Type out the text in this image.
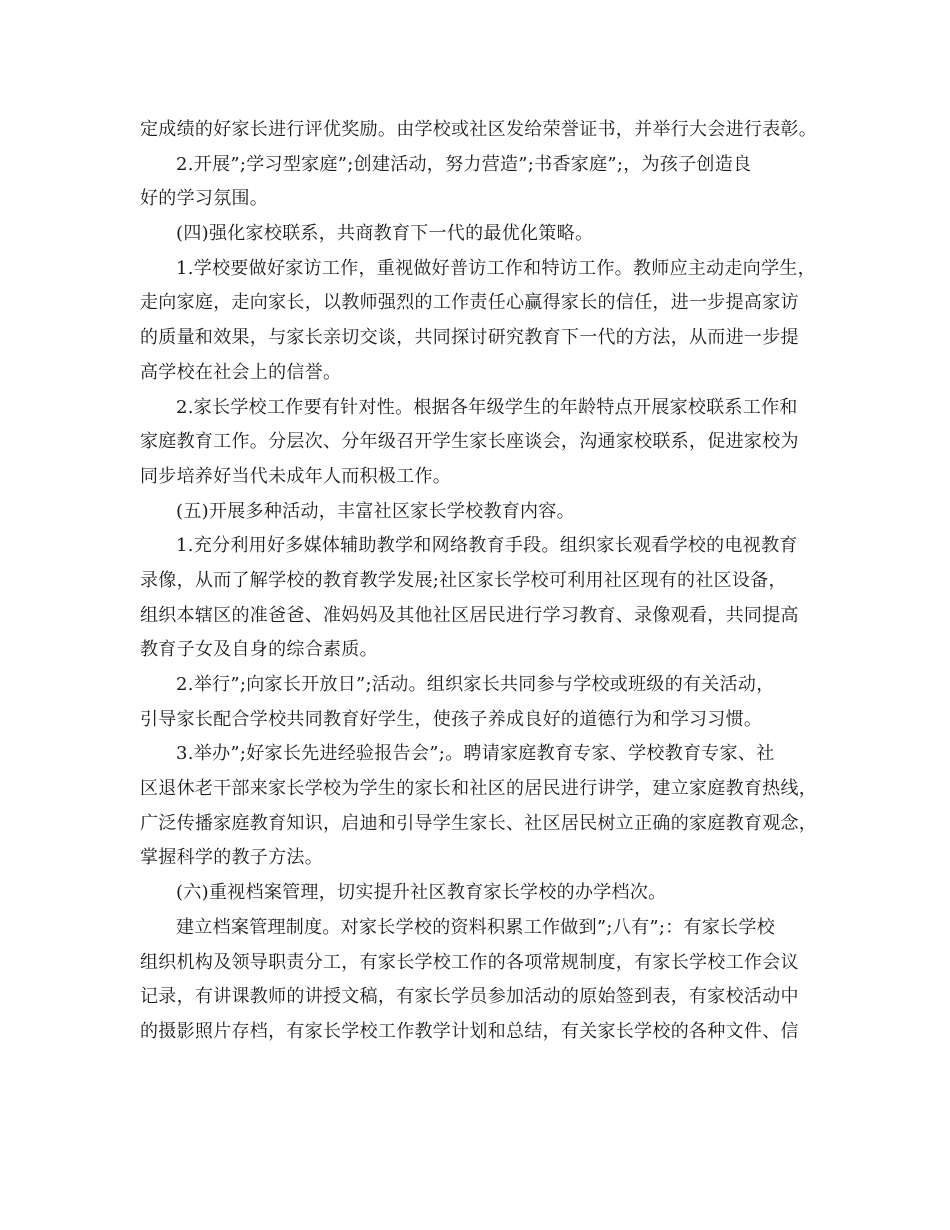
定成绩的好家长进行评优奖励。由学校或社区发给荣誉证书，并举行大会进行表彰。
2.开展”;学习型家庭”;创建活动，努力营造”;书香家庭”;，为孩子创造良
好的学习氛围。
(四)强化家校联系，共商教育下一代的最优化策略。
1.学校要做好家访工作，重视做好普访工作和特访工作。教师应主动走向学生，
走向家庭，走向家长，以教师强烈的工作责任心赢得家长的信任，进一步提高家访
的质量和效果，与家长亲切交谈，共同探讨研究教育下一代的方法，从而进一步提
高学校在社会上的信誉。
2.家长学校工作要有针对性。根据各年级学生的年龄特点开展家校联系工作和
家庭教育工作。分层次、分年级召开学生家长座谈会，沟通家校联系，促进家校为
同步培养好当代未成年人而积极工作。
(五)开展多种活动，丰富社区家长学校教育内容。
1.充分利用好多媒体辅助教学和网络教育手段。组织家长观看学校的电视教育
录像，从而了解学校的教育教学发展;社区家长学校可利用社区现有的社区设备，
组织本辖区的准爸爸、准妈妈及其他社区居民进行学习教育、录像观看，共同提高
教育子女及自身的综合素质。
2.举行”;向家长开放日”;活动。组织家长共同参与学校或班级的有关活动，
引导家长配合学校共同教育好学生，使孩子养成良好的道德行为和学习习惯。
3.举办”;好家长先进经验报告会”;。聘请家庭教育专家、学校教育专家、社
区退休老干部来家长学校为学生的家长和社区的居民进行讲学，建立家庭教育热线，
广泛传播家庭教育知识，启迪和引导学生家长、社区居民树立正确的家庭教育观念，
掌握科学的教子方法。
(六)重视档案管理，切实提升社区教育家长学校的办学档次。
建立档案管理制度。对家长学校的资料积累工作做到”;八有”;：有家长学校
组织机构及领导职责分工，有家长学校工作的各项常规制度，有家长学校工作会议
记录，有讲课教师的讲授文稿，有家长学员参加活动的原始签到表，有家校活动中
的摄影照片存档，有家长学校工作教学计划和总结，有关家长学校的各种文件、信
